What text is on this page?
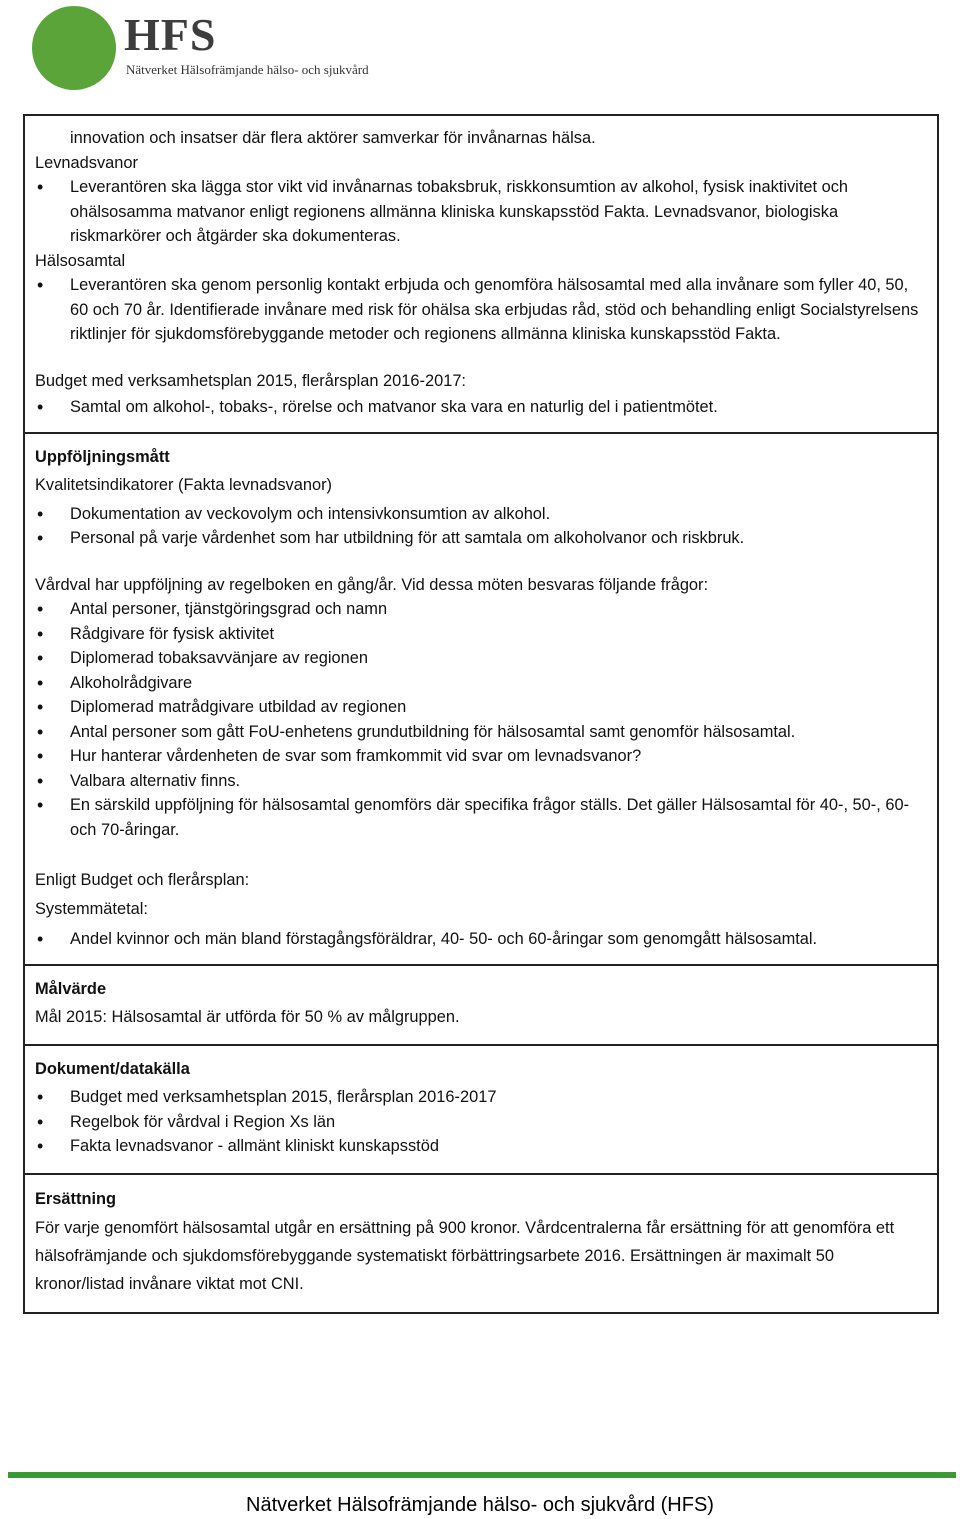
HFS
Nätverket Hälsofrämjande hälso- och sjukvård
innovation och insatser där flera aktörer samverkar för invånarnas hälsa.
Levnadsvanor
• Leverantören ska lägga stor vikt vid invånarnas tobaksbruk, riskkonsumtion av alkohol, fysisk inaktivitet och ohälsosamma matvanor enligt regionens allmänna kliniska kunskapsstöd Fakta. Levnadsvanor, biologiska riskmarkörer och åtgärder ska dokumenteras.
Hälsosamtal
• Leverantören ska genom personlig kontakt erbjuda och genomföra hälsosamtal med alla invånare som fyller 40, 50, 60 och 70 år. Identifierade invånare med risk för ohälsa ska erbjudas råd, stöd och behandling enligt Socialstyrelsens riktlinjer för sjukdomsförebyggande metoder och regionens allmänna kliniska kunskapsstöd Fakta.
Budget med verksamhetsplan 2015, flerårsplan 2016-2017:
• Samtal om alkohol-, tobaks-, rörelse och matvanor ska vara en naturlig del i patientmötet.
Uppföljningsmått
Kvalitetsindikatorer (Fakta levnadsvanor)
• Dokumentation av veckovolym och intensivkonsumtion av alkohol.
• Personal på varje vårdenhet som har utbildning för att samtala om alkoholvanor och riskbruk.
Vårdval har uppföljning av regelboken en gång/år. Vid dessa möten besvaras följande frågor:
• Antal personer, tjänstgöringsgrad och namn
• Rådgivare för fysisk aktivitet
• Diplomerad tobaksavvänjare av regionen
• Alkoholrådgivare
• Diplomerad matrådgivare utbildad av regionen
• Antal personer som gått FoU-enhetens grundutbildning för hälsosamtal samt genomför hälsosamtal.
• Hur hanterar vårdenheten de svar som framkommit vid svar om levnadsvanor?
• Valbara alternativ finns.
• En särskild uppföljning för hälsosamtal genomförs där specifika frågor ställs. Det gäller Hälsosamtal för 40-, 50-, 60- och 70-åringar.
Enligt Budget och flerårsplan:
Systemmätetal:
• Andel kvinnor och män bland förstagångsföräldrar, 40- 50- och 60-åringar som genomgått hälsosamtal.
Målvärde
Mål 2015: Hälsosamtal är utförda för 50 % av målgruppen.
Dokument/datakälla
• Budget med verksamhetsplan 2015, flerårsplan 2016-2017
• Regelbok för vårdval i Region Xs län
• Fakta levnadsvanor - allmänt kliniskt kunskapsstöd
Ersättning
För varje genomfört hälsosamtal utgår en ersättning på 900 kronor. Vårdcentralerna får ersättning för att genomföra ett hälsofrämjande och sjukdomsförebyggande systematiskt förbättringsarbete 2016. Ersättningen är maximalt 50 kronor/listad invånare viktat mot CNI.
Nätverket Hälsofrämjande hälso- och sjukvård (HFS)
